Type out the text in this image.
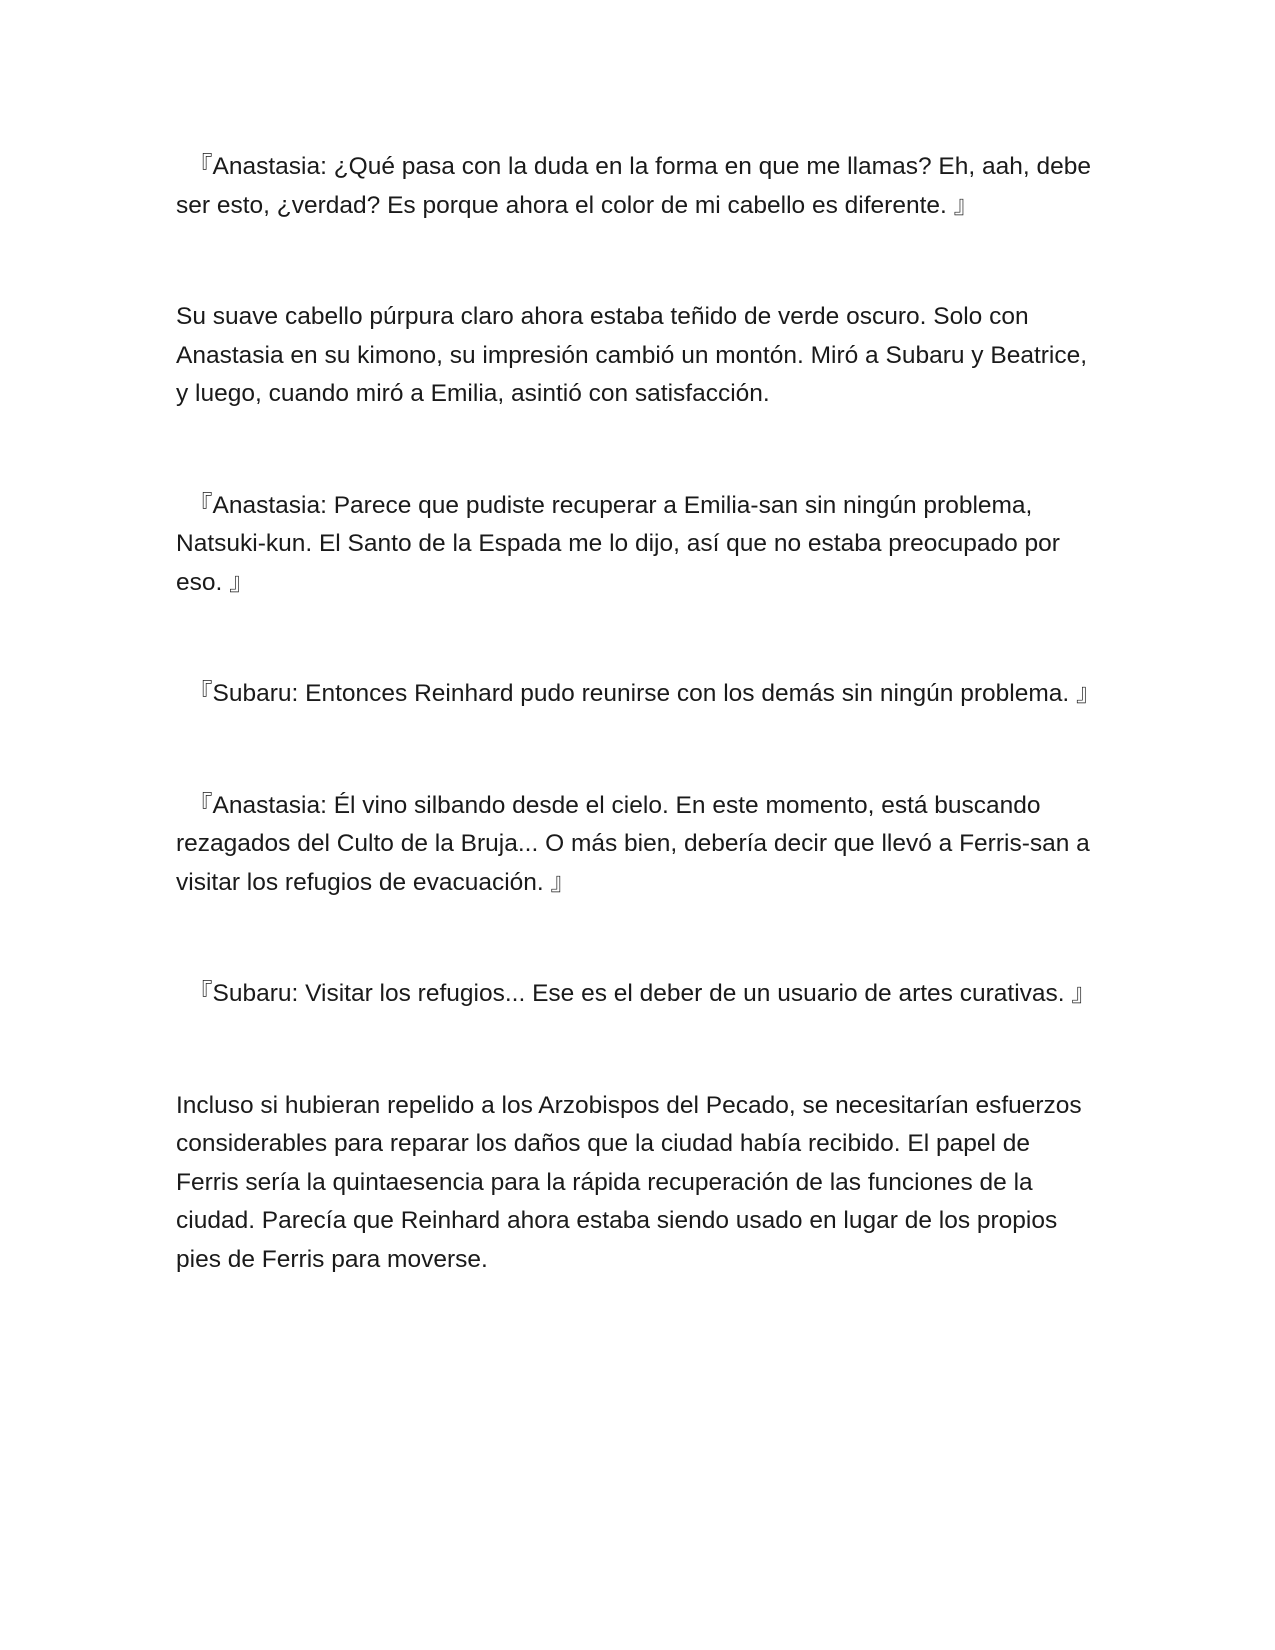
『Anastasia: ¿Qué pasa con la duda en la forma en que me llamas? Eh, aah, debe ser esto, ¿verdad? Es porque ahora el color de mi cabello es diferente. 』

Su suave cabello púrpura claro ahora estaba teñido de verde oscuro. Solo con Anastasia en su kimono, su impresión cambió un montón. Miró a Subaru y Beatrice, y luego, cuando miró a Emilia, asintió con satisfacción.

『Anastasia: Parece que pudiste recuperar a Emilia-san sin ningún problema, Natsuki-kun. El Santo de la Espada me lo dijo, así que no estaba preocupado por eso. 』

『Subaru: Entonces Reinhard pudo reunirse con los demás sin ningún problema. 』

『Anastasia: Él vino silbando desde el cielo. En este momento, está buscando rezagados del Culto de la Bruja... O más bien, debería decir que llevó a Ferris-san a visitar los refugios de evacuación. 』

『Subaru: Visitar los refugios... Ese es el deber de un usuario de artes curativas. 』

Incluso si hubieran repelido a los Arzobispos del Pecado, se necesitarían esfuerzos considerables para reparar los daños que la ciudad había recibido. El papel de Ferris sería la quintaesencia para la rápida recuperación de las funciones de la ciudad. Parecía que Reinhard ahora estaba siendo usado en lugar de los propios pies de Ferris para moverse.
